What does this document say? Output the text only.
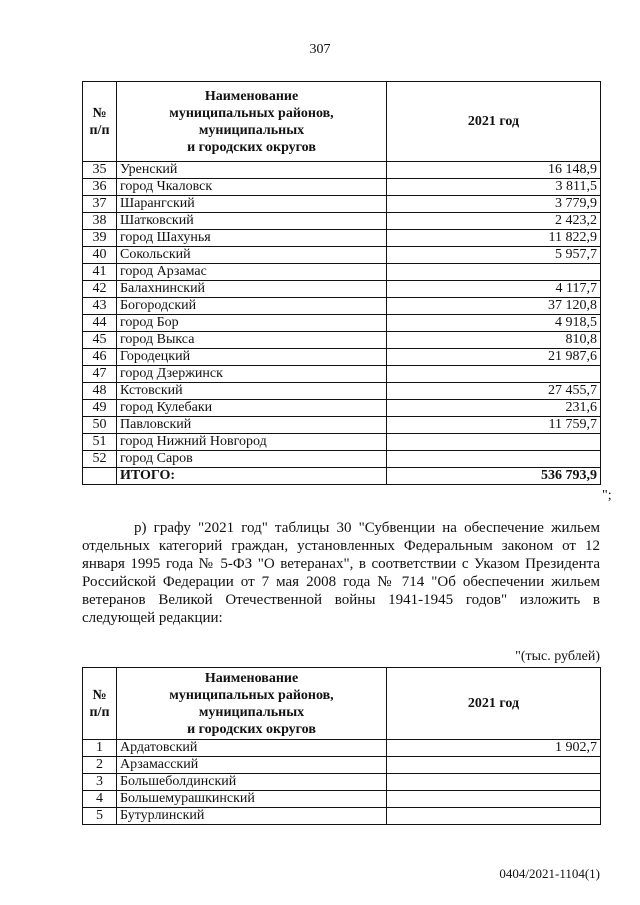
307
№
п/п	Наименование
муниципальных районов,
муниципальных
и городских округов	2021 год
35	Уренский	16 148,9
36	город Чкаловск	3 811,5
37	Шарангский	3 779,9
38	Шатковский	2 423,2
39	город Шахунья	11 822,9
40	Сокольский	5 957,7
41	город Арзамас	
42	Балахнинский	4 117,7
43	Богородский	37 120,8
44	город Бор	4 918,5
45	город Выкса	810,8
46	Городецкий	21 987,6
47	город Дзержинск	
48	Кстовский	27 455,7
49	город Кулебаки	231,6
50	Павловский	11 759,7
51	город Нижний Новгород	
52	город Саров	
	ИТОГО:	536 793,9
";

р) графу "2021 год" таблицы 30 "Субвенции на обеспечение жильем отдельных категорий граждан, установленных Федеральным законом от 12 января 1995 года № 5-ФЗ "О ветеранах", в соответствии с Указом Президента Российской Федерации от 7 мая 2008 года № 714 "Об обеспечении жильем ветеранов Великой Отечественной войны 1941-1945 годов" изложить в следующей редакции:

"(тыс. рублей)
№
п/п	Наименование
муниципальных районов,
муниципальных
и городских округов	2021 год
1	Ардатовский	1 902,7
2	Арзамасский	
3	Большеболдинский	
4	Большемурашкинский	
5	Бутурлинский	
0404/2021-1104(1)
